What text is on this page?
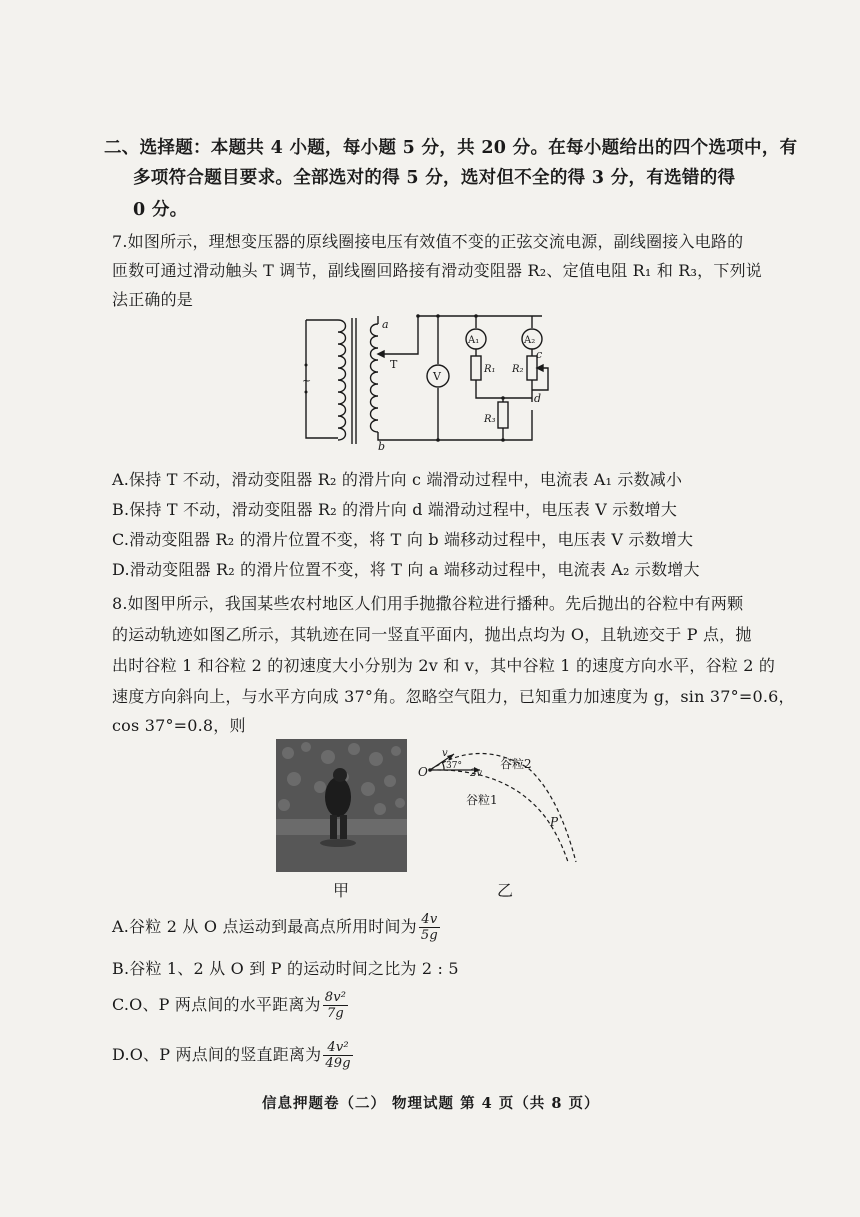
二、选择题：本题共 4 小题，每小题 5 分，共 20 分。在每小题给出的四个选项中，有
多项符合题目要求。全部选对的得 5 分，选对但不全的得 3 分，有选错的得
0 分。
7.如图所示，理想变压器的原线圈接电压有效值不变的正弦交流电源，副线圈接入电路的
匝数可通过滑动触头 T 调节，副线圈回路接有滑动变阻器 R₂、定值电阻 R₁ 和 R₃，下列说
法正确的是
~
a
b
T
V
A₁	A₂
R₁ R₂
R₃
c
d
A.保持 T 不动，滑动变阻器 R₂ 的滑片向 c 端滑动过程中，电流表 A₁ 示数减小
B.保持 T 不动，滑动变阻器 R₂ 的滑片向 d 端滑动过程中，电压表 V 示数增大
C.滑动变阻器 R₂ 的滑片位置不变，将 T 向 b 端移动过程中，电压表 V 示数增大
D.滑动变阻器 R₂ 的滑片位置不变，将 T 向 a 端移动过程中，电流表 A₂ 示数增大
8.如图甲所示，我国某些农村地区人们用手抛撒谷粒进行播种。先后抛出的谷粒中有两颗
的运动轨迹如图乙所示，其轨迹在同一竖直平面内，抛出点均为 O，且轨迹交于 P 点，抛
出时谷粒 1 和谷粒 2 的初速度大小分别为 2v 和 v，其中谷粒 1 的速度方向水平，谷粒 2 的
速度方向斜向上，与水平方向成 37°角。忽略空气阻力，已知重力加速度为 g，sin 37°=0.6，
cos 37°=0.8，则
甲
O
v
37°
2v
谷粒2
谷粒1
P
乙
A.谷粒 2 从 O 点运动到最高点所用时间为 $\frac{4v}{5g}$
B.谷粒 1、2 从 O 到 P 的运动时间之比为 2 : 5
C.O、P 两点间的水平距离为 $\frac{\text{8v²}}{7g}$
D.O、P 两点间的竖直距离为 $\frac{\text{4v²}}{49g}$
信息押题卷（二） 物理试题 第 4 页（共 8 页）
